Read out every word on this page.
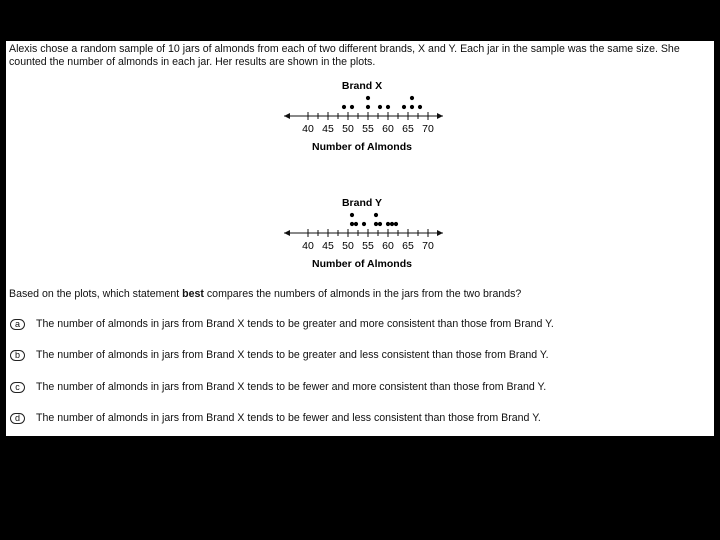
Alexis chose a random sample of 10 jars of almonds from each of two different brands, X and Y. Each jar in the sample was the same size. She counted the number of almonds in each jar. Her results are shown in the plots.

Brand X
40 45 50 55 60 65 70
Number of Almonds
Brand Y
40 45 50 55 60 65 70
Number of Almonds

Based on the plots, which statement best compares the numbers of almonds in the jars from the two brands?

a	The number of almonds in jars from Brand X tends to be greater and more consistent than those from Brand Y.
b	The number of almonds in jars from Brand X tends to be greater and less consistent than those from Brand Y.
c	The number of almonds in jars from Brand X tends to be fewer and more consistent than those from Brand Y.
d	The number of almonds in jars from Brand X tends to be fewer and less consistent than those from Brand Y.
